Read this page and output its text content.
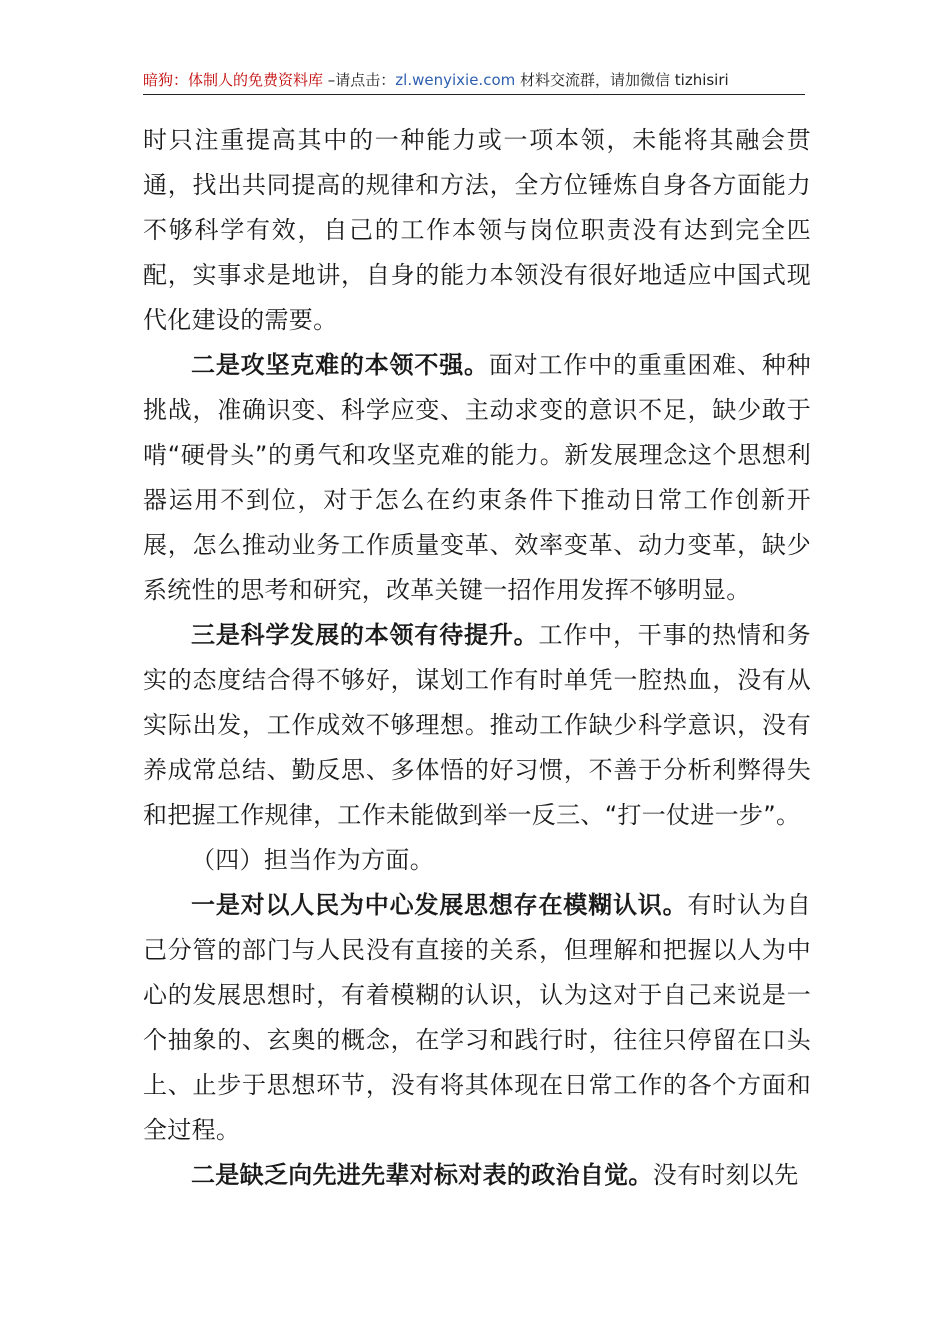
暗狗：体制人的免费资料库 –请点击：zl.wenyixie.com 材料交流群，请加微信 tizhisiri

时只注重提高其中的一种能力或一项本领，未能将其融会贯通，找出共同提高的规律和方法，全方位锤炼自身各方面能力不够科学有效，自己的工作本领与岗位职责没有达到完全匹配，实事求是地讲，自身的能力本领没有很好地适应中国式现代化建设的需要。

二是攻坚克难的本领不强。面对工作中的重重困难、种种挑战，准确识变、科学应变、主动求变的意识不足，缺少敢于啃“硬骨头”的勇气和攻坚克难的能力。新发展理念这个思想利器运用不到位，对于怎么在约束条件下推动日常工作创新开展，怎么推动业务工作质量变革、效率变革、动力变革，缺少系统性的思考和研究，改革关键一招作用发挥不够明显。

三是科学发展的本领有待提升。工作中，干事的热情和务实的态度结合得不够好，谋划工作有时单凭一腔热血，没有从实际出发，工作成效不够理想。推动工作缺少科学意识，没有养成常总结、勤反思、多体悟的好习惯，不善于分析利弊得失和把握工作规律，工作未能做到举一反三、“打一仗进一步”。

（四）担当作为方面。

一是对以人民为中心发展思想存在模糊认识。有时认为自己分管的部门与人民没有直接的关系，但理解和把握以人为中心的发展思想时，有着模糊的认识，认为这对于自己来说是一个抽象的、玄奥的概念，在学习和践行时，往往只停留在口头上、止步于思想环节，没有将其体现在日常工作的各个方面和全过程。

二是缺乏向先进先辈对标对表的政治自觉。没有时刻以先
